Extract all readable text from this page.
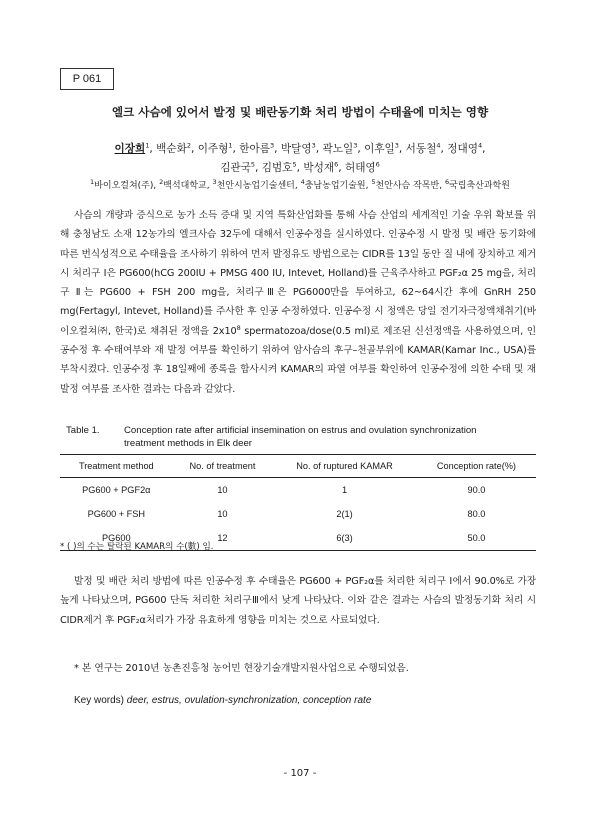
P 061
엘크 사슴에 있어서 발정 및 배란동기화 처리 방법이 수태율에 미치는 영향
이장희$^1$, 백순화$^2$, 이주형$^1$, 한아름$^3$, 박달영$^3$, 곽노일$^3$, 이후일$^3$, 서동철$^4$, 정대영$^4$,
김관국$^5$, 김범호$^5$, 박성재$^6$, 허태영$^6$
$^1$바이오컬쳐(주), $^2$백석대학교, $^3$천안시농업기술센터, $^4$충남농업기술원, $^5$천안사슴 작목반, $^6$국립축산과학원
사슴의 개량과 증식으로 농가 소득 증대 및 지역 특화산업화를 통해 사슴 산업의 세계적인 기술 우위 확보를 위해 충청남도 소재 12농가의 엘크사슴 32두에 대해서 인공수정을 실시하였다. 인공수정 시 발정 및 배란 동기화에 따른 번식성적으로 수태율을 조사하기 위하여 먼저 발정유도 방법으로는 CIDR를 13일 동안 질 내에 장치하고 제거 시 처리구 Ⅰ은 PG600(hCG 200IU + PMSG 400 IU, Intevet, Holland)를 근육주사하고 PGF₂α 25 mg을, 처리구 Ⅱ는 PG600 + FSH 200 mg을, 처리구Ⅲ은 PG6000만을 투여하고, 62~64시간 후에 GnRH 250 mg(Fertagyl, Intevet, Holland)를 주사한 후 인공 수정하였다. 인공수정 시 정액은 당일 전기자극정액채취기(바이오컬쳐㈜, 한국)로 채취된 정액을 $2x10^8$ spermatozoa/dose(0.5 ml)로 제조된 신선정액을 사용하였으며, 인공수정 후 수태여부와 재 발정 여부를 확인하기 위하여 암사슴의 후구–천골부위에 KAMAR(Kamar Inc., USA)를 부착시켰다. 인공수정 후 18일째에 종록을 합사시켜 KAMAR의 파열 여부를 확인하여 인공수정에 의한 수태 및 재 발정 여부를 조사한 결과는 다음과 같았다.
Table 1.	Conception rate after artificial insemination on estrus and ovulation synchronization
treatment methods in Elk deer
Treatment method	No. of treatment	No. of ruptured KAMAR	Conception rate(%)
PG600 + PGF2α	10	1	90.0
PG600 + FSH	10	2(1)	80.0
PG600	12	6(3)	50.0
* ( )의 수는 탈락된 KAMAR의 수(數) 임.
발정 및 배란 처리 방법에 따른 인공수정 후 수태율은 PG600 + PGF₂α를 처리한 처리구 Ⅰ에서 90.0%로 가장 높게 나타났으며, PG600 단독 처리한 처리구Ⅲ에서 낮게 나타났다. 이와 같은 결과는 사슴의 발정동기화 처리 시 CIDR제거 후 PGF₂α처리가 가장 유효하게 영향을 미치는 것으로 사료되었다.
* 본 연구는 2010년 농촌진흥청 농어민 현장기술개발지원사업으로 수행되었음.
Key words) deer, estrus, ovulation-synchronization, conception rate
- 107 -
